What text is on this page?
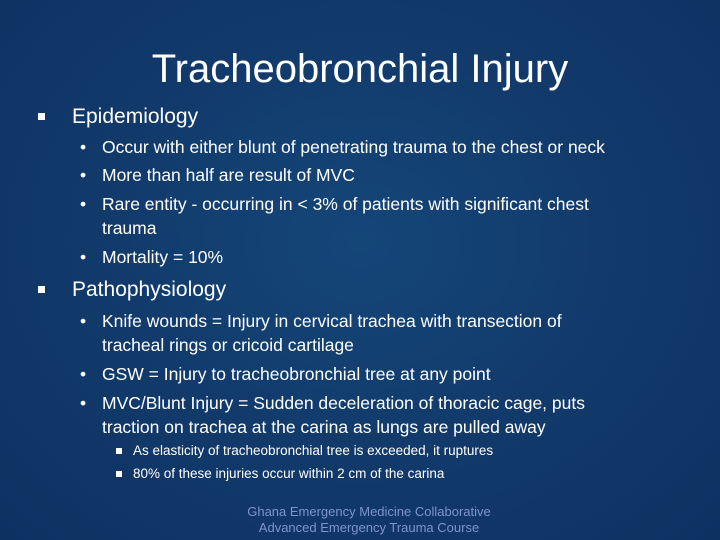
Tracheobronchial Injury
Epidemiology
• Occur with either blunt of penetrating trauma to the chest or neck
• More than half are result of MVC
• Rare entity - occurring in < 3% of patients with significant chest
trauma
• Mortality = 10%
Pathophysiology
• Knife wounds = Injury in cervical trachea with transection of
tracheal rings or cricoid cartilage
• GSW = Injury to tracheobronchial tree at any point
• MVC/Blunt Injury = Sudden deceleration of thoracic cage, puts
traction on trachea at the carina as lungs are pulled away
As elasticity of tracheobronchial tree is exceeded, it ruptures
80% of these injuries occur within 2 cm of the carina
Ghana Emergency Medicine Collaborative
Advanced Emergency Trauma Course
